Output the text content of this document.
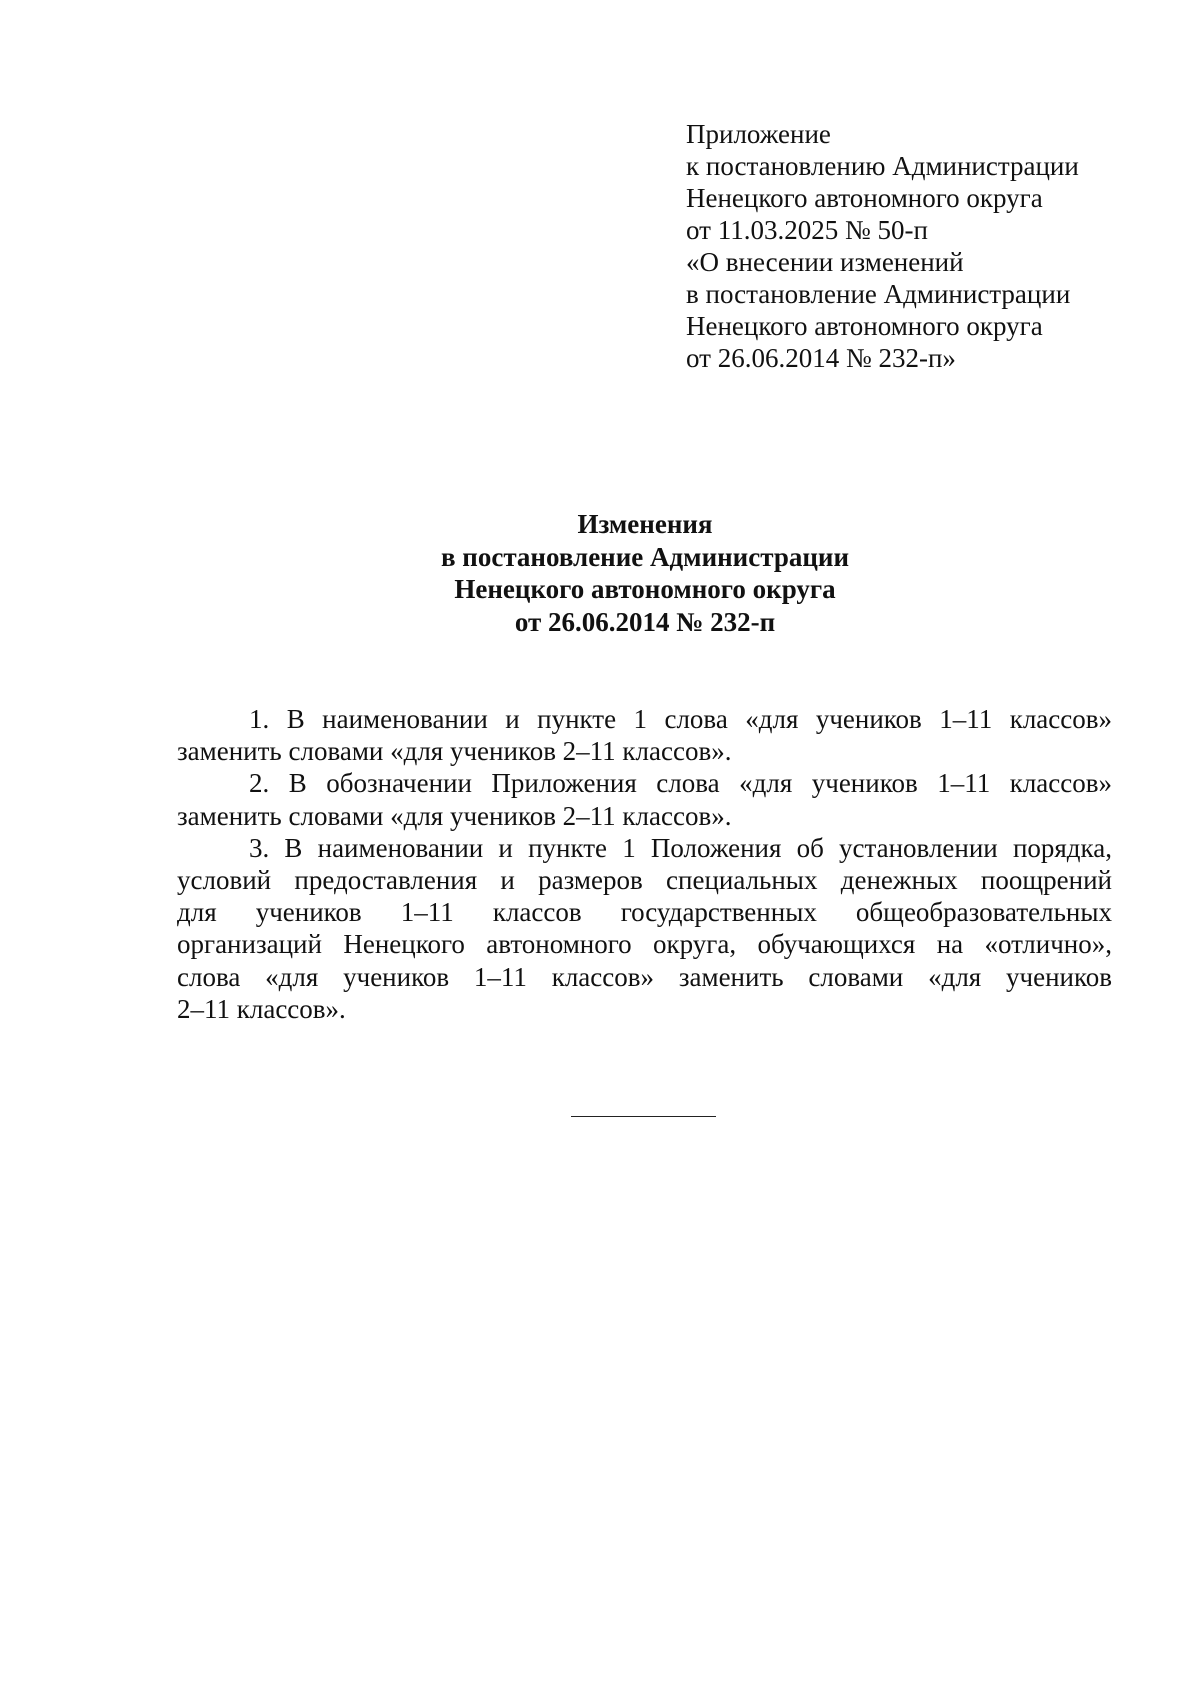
Приложение
к постановлению Администрации
Ненецкого автономного округа
от 11.03.2025 № 50-п
«О внесении изменений
в постановление Администрации
Ненецкого автономного округа
от 26.06.2014 № 232-п»
Изменения
в постановление Администрации
Ненецкого автономного округа
от 26.06.2014 № 232-п
1. В наименовании и пункте 1 слова «для учеников 1–11 классов»
заменить словами «для учеников 2–11 классов».
2. В обозначении Приложения слова «для учеников 1–11 классов»
заменить словами «для учеников 2–11 классов».
3. В наименовании и пункте 1 Положения об установлении порядка,
условий предоставления и размеров специальных денежных поощрений
для учеников 1–11 классов государственных общеобразовательных
организаций Ненецкого автономного округа, обучающихся на «отлично»,
слова «для учеников 1–11 классов» заменить словами «для учеников
2–11 классов».
